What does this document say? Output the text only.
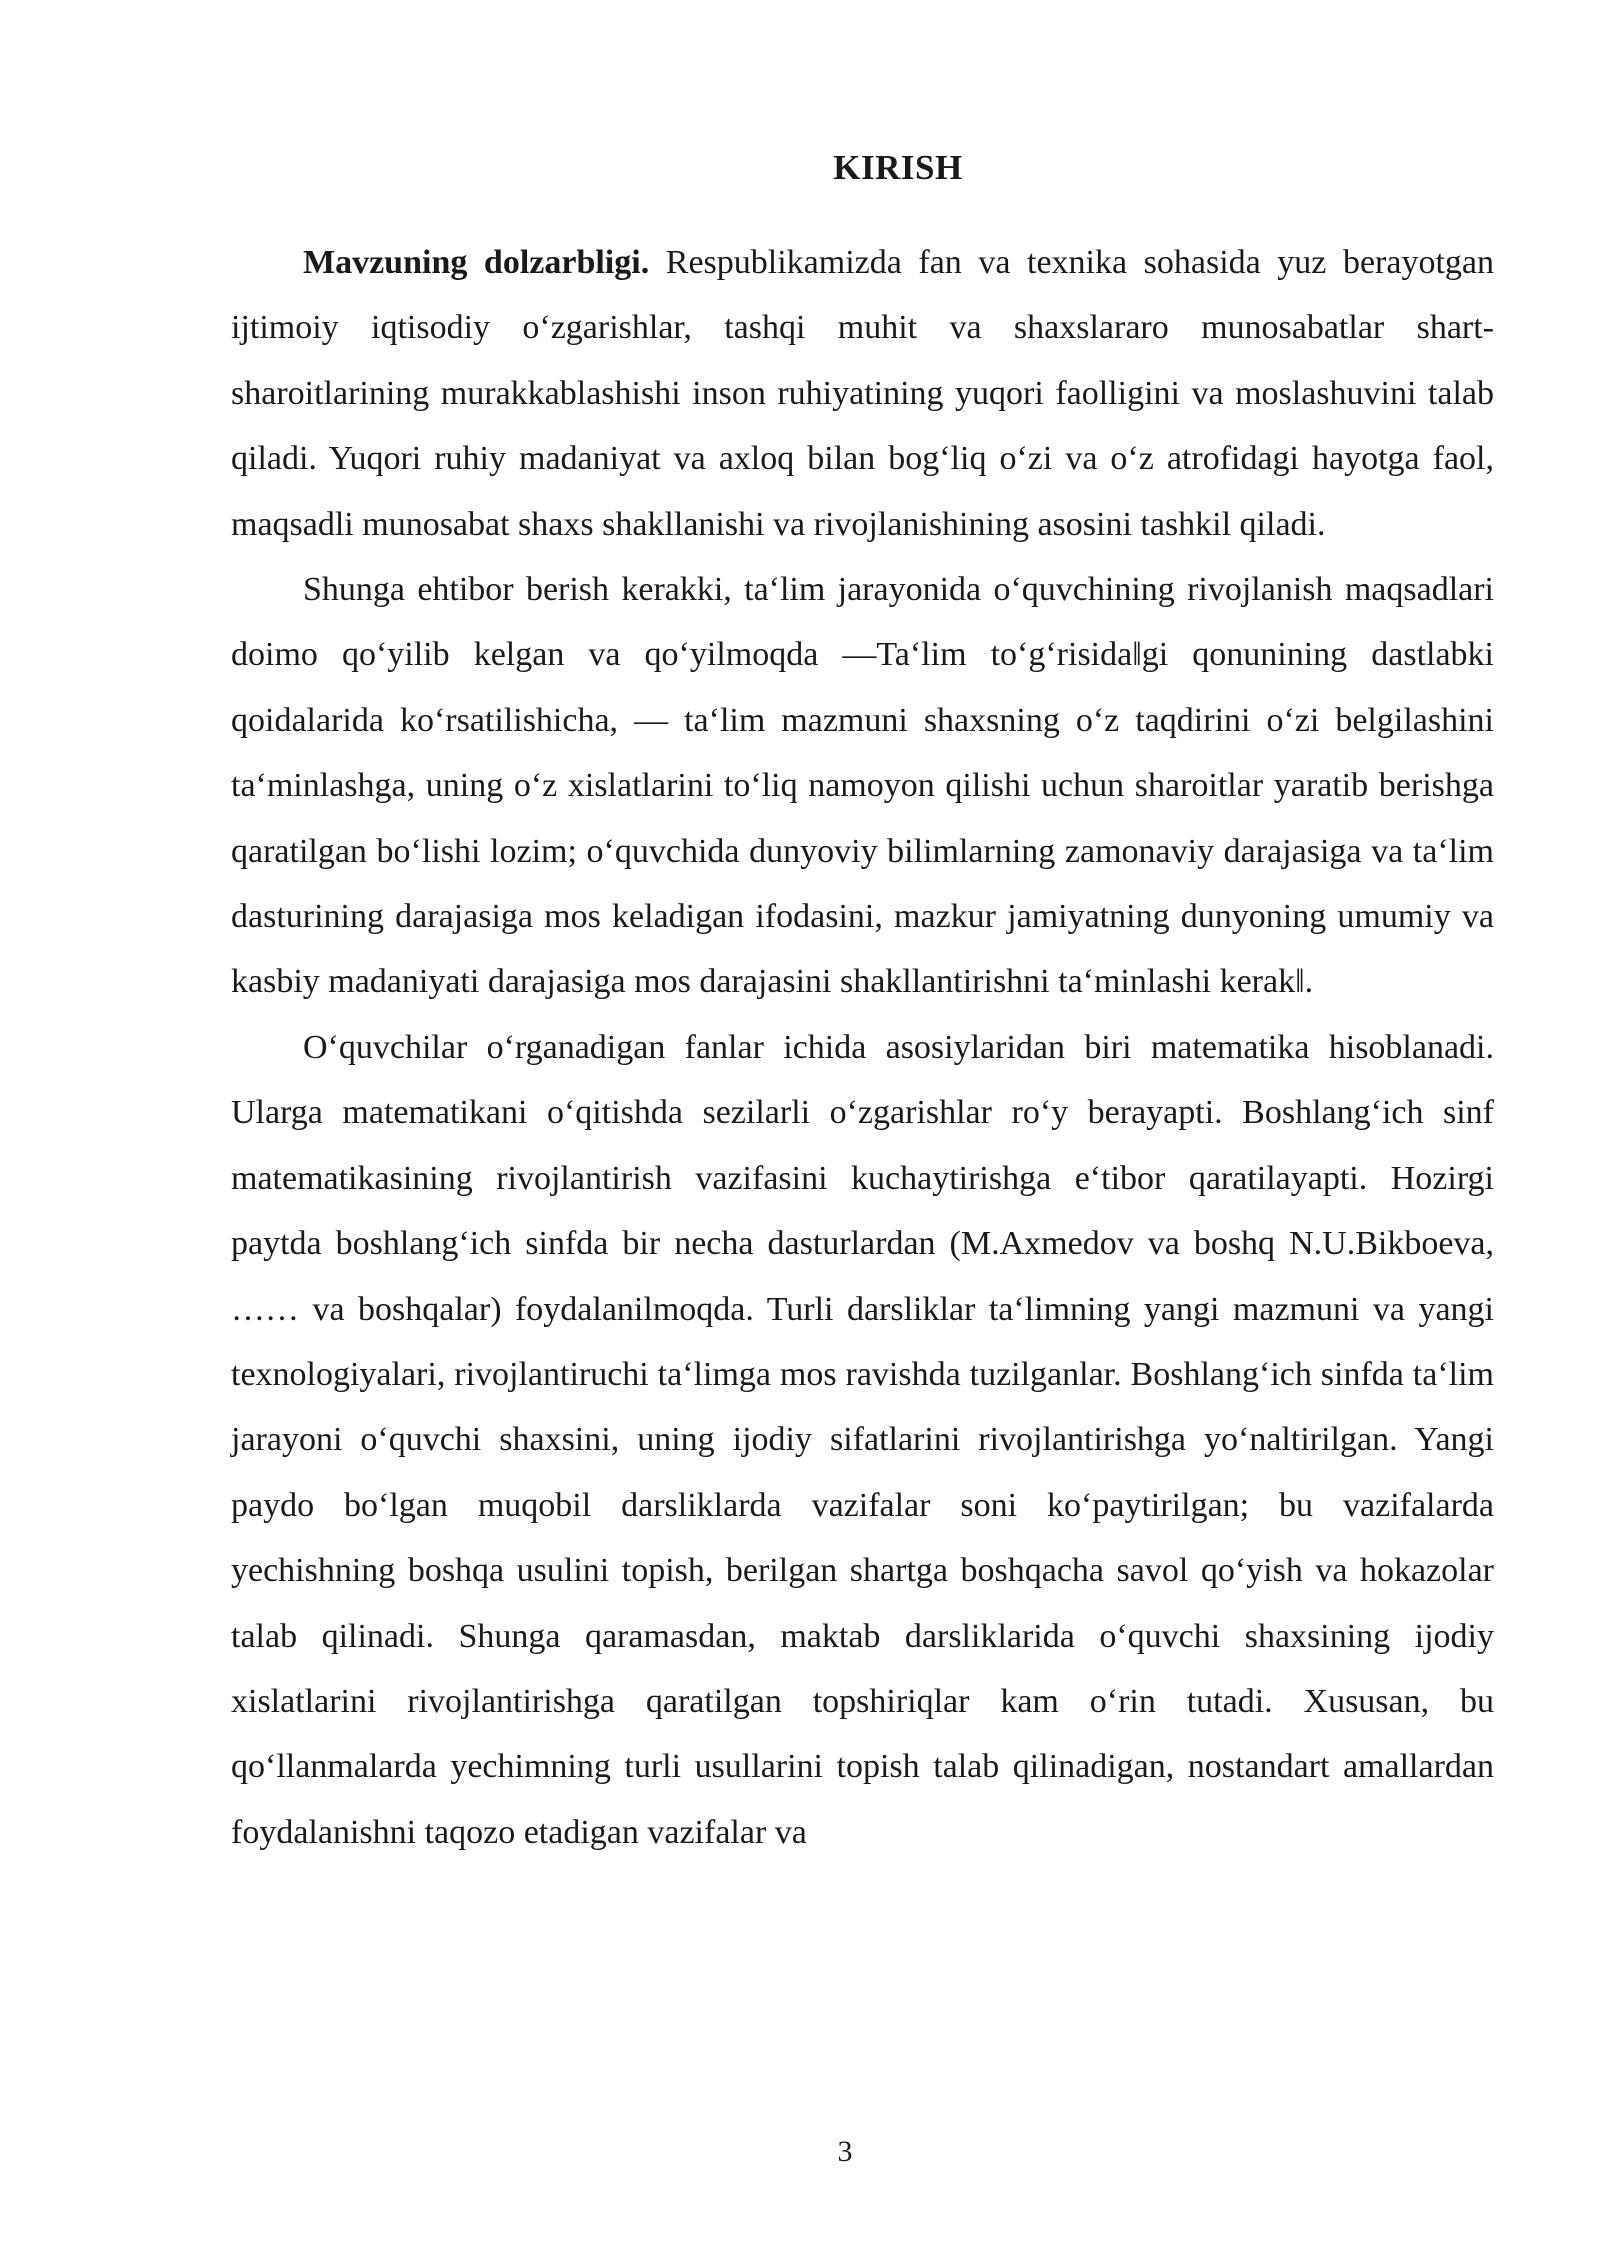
KIRISH

Mavzuning dolzarbligi. Respublikamizda fan va texnika sohasida yuz berayotgan ijtimoiy iqtisodiy o‘zgarishlar, tashqi muhit va shaxslararo munosabatlar shart-sharoitlarining murakkablashishi inson ruhiyatining yuqori faolligini va moslashuvini talab qiladi. Yuqori ruhiy madaniyat va axloq bilan bog‘liq o‘zi va o‘z atrofidagi hayotga faol, maqsadli munosabat shaxs shakllanishi va rivojlanishining asosini tashkil qiladi.

Shunga ehtibor berish kerakki, ta‘lim jarayonida o‘quvchining rivojlanish maqsadlari doimo qo‘yilib kelgan va qo‘yilmoqda ―Ta‘lim to‘g‘risida‖gi qonunining dastlabki qoidalarida ko‘rsatilishicha, ― ta‘lim mazmuni shaxsning o‘z taqdirini o‘zi belgilashini ta‘minlashga, uning o‘z xislatlarini to‘liq namoyon qilishi uchun sharoitlar yaratib berishga qaratilgan bo‘lishi lozim; o‘quvchida dunyoviy bilimlarning zamonaviy darajasiga va ta‘lim dasturining darajasiga mos keladigan ifodasini, mazkur jamiyatning dunyoning umumiy va kasbiy madaniyati darajasiga mos darajasini shakllantirishni ta‘minlashi kerak‖.

O‘quvchilar o‘rganadigan fanlar ichida asosiylaridan biri matematika hisoblanadi. Ularga matematikani o‘qitishda sezilarli o‘zgarishlar ro‘y berayapti. Boshlang‘ich sinf matematikasining rivojlantirish vazifasini kuchaytirishga e‘tibor qaratilayapti. Hozirgi paytda boshlang‘ich sinfda bir necha dasturlardan (M.Axmedov va boshq N.U.Bikboeva, …… va boshqalar) foydalanilmoqda. Turli darsliklar ta‘limning yangi mazmuni va yangi texnologiyalari, rivojlantiruchi ta‘limga mos ravishda tuzilganlar. Boshlang‘ich sinfda ta‘lim jarayoni o‘quvchi shaxsini, uning ijodiy sifatlarini rivojlantirishga yo‘naltirilgan. Yangi paydo bo‘lgan muqobil darsliklarda vazifalar soni ko‘paytirilgan; bu vazifalarda yechishning boshqa usulini topish, berilgan shartga boshqacha savol qo‘yish va hokazolar talab qilinadi. Shunga qaramasdan, maktab darsliklarida o‘quvchi shaxsining ijodiy xislatlarini rivojlantirishga qaratilgan topshiriqlar kam o‘rin tutadi. Xususan, bu qo‘llanmalarda yechimning turli usullarini topish talab qilinadigan, nostandart amallardan foydalanishni taqozo etadigan vazifalar va

3
